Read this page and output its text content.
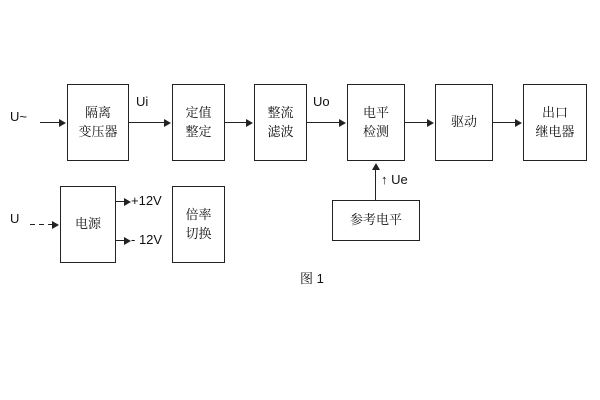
U~	隔离
变压器
Ui
定值
整定
整流
滤波
Uo
电平
检测
驱动
出口
继电器
U	电源
+12V
- 12V
倍率
切换
参考电平
↑ Ue
图 1
